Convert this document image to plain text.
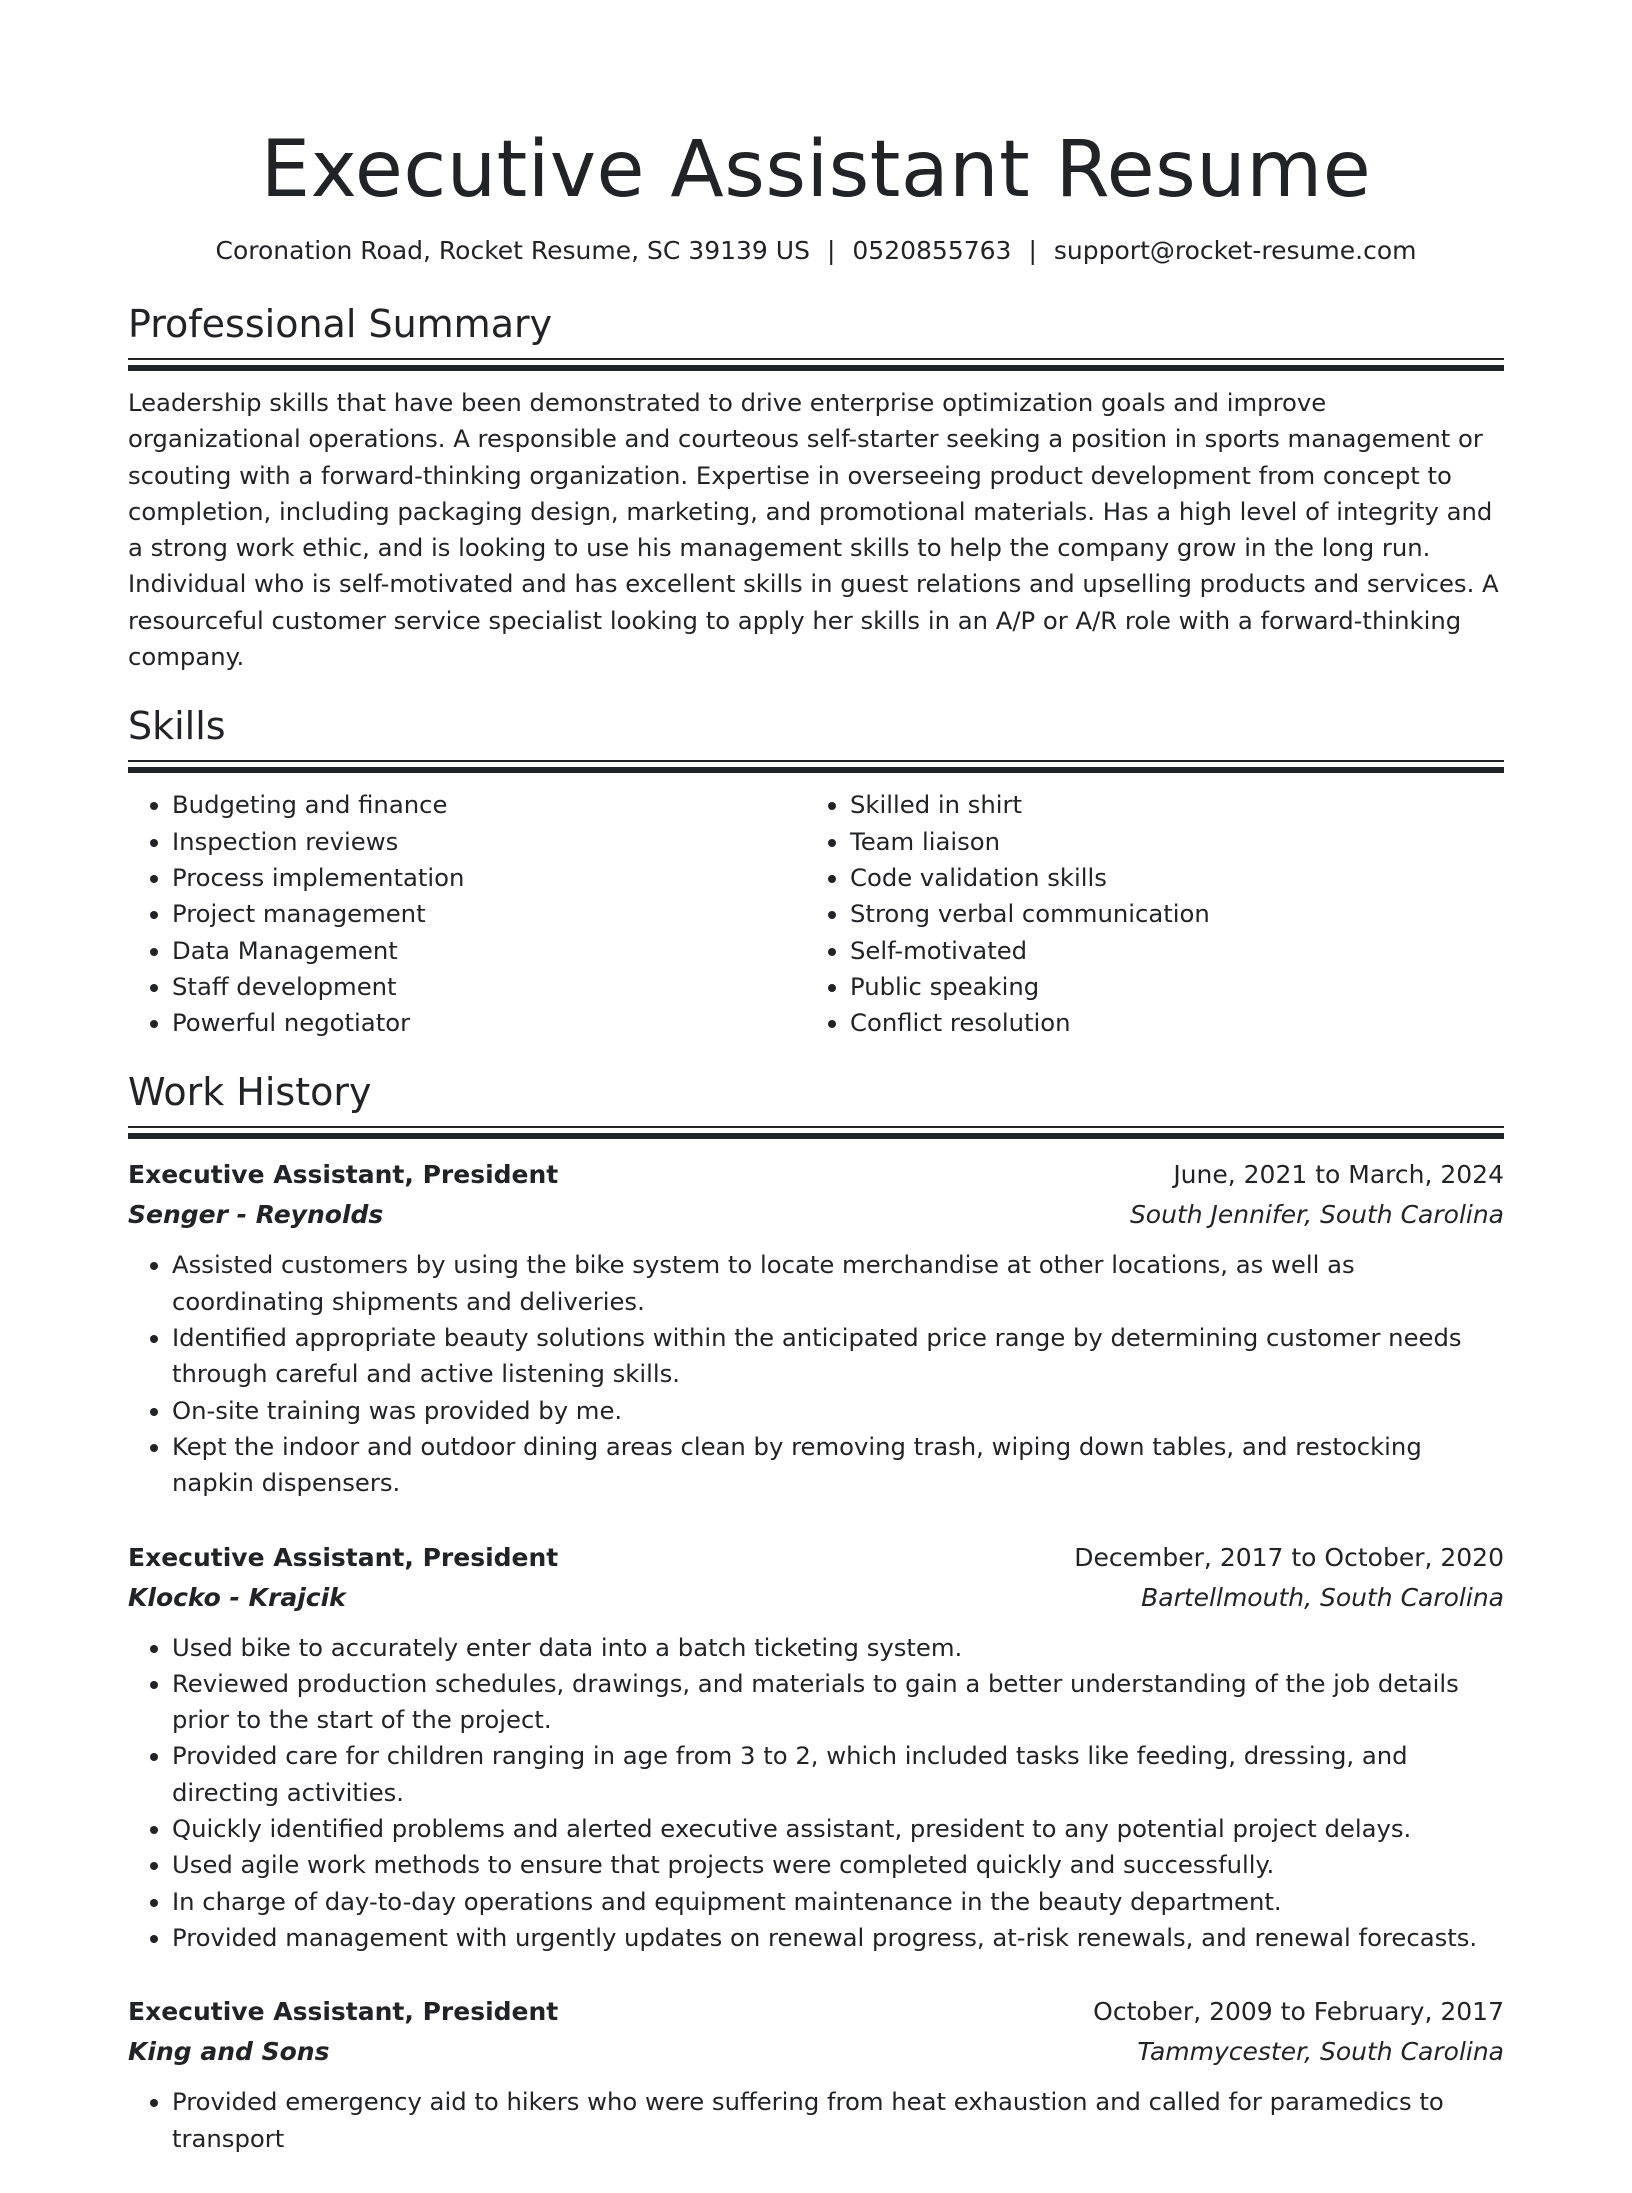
Executive Assistant Resume
Coronation Road, Rocket Resume, SC 39139 US | 0520855763 | support@rocket-resume.com
Professional Summary

Leadership skills that have been demonstrated to drive enterprise optimization goals and improve organizational operations. A responsible and courteous self-starter seeking a position in sports management or scouting with a forward-thinking organization. Expertise in overseeing product development from concept to completion, including packaging design, marketing, and promotional materials. Has a high level of integrity and a strong work ethic, and is looking to use his management skills to help the company grow in the long run. Individual who is self-motivated and has excellent skills in guest relations and upselling products and services. A resourceful customer service specialist looking to apply her skills in an A/P or A/R role with a forward-thinking company.

Skills
• Budgeting and finance
• Inspection reviews
• Process implementation
• Project management
• Data Management
• Staff development
• Powerful negotiator
• Skilled in shirt
• Team liaison
• Code validation skills
• Strong verbal communication
• Self-motivated
• Public speaking
• Conflict resolution
Work History
Executive Assistant, President	June, 2021 to March, 2024
Senger - Reynolds	South Jennifer, South Carolina
• Assisted customers by using the bike system to locate merchandise at other locations, as well as coordinating shipments and deliveries.
• Identified appropriate beauty solutions within the anticipated price range by determining customer needs through careful and active listening skills.
• On-site training was provided by me.
• Kept the indoor and outdoor dining areas clean by removing trash, wiping down tables, and restocking napkin dispensers.
Executive Assistant, President	December, 2017 to October, 2020
Klocko - Krajcik	Bartellmouth, South Carolina
• Used bike to accurately enter data into a batch ticketing system.
• Reviewed production schedules, drawings, and materials to gain a better understanding of the job details prior to the start of the project.
• Provided care for children ranging in age from 3 to 2, which included tasks like feeding, dressing, and directing activities.
• Quickly identified problems and alerted executive assistant, president to any potential project delays.
• Used agile work methods to ensure that projects were completed quickly and successfully.
• In charge of day-to-day operations and equipment maintenance in the beauty department.
• Provided management with urgently updates on renewal progress, at-risk renewals, and renewal forecasts.
Executive Assistant, President	October, 2009 to February, 2017
King and Sons	Tammycester, South Carolina
• Provided emergency aid to hikers who were suffering from heat exhaustion and called for paramedics to transport
